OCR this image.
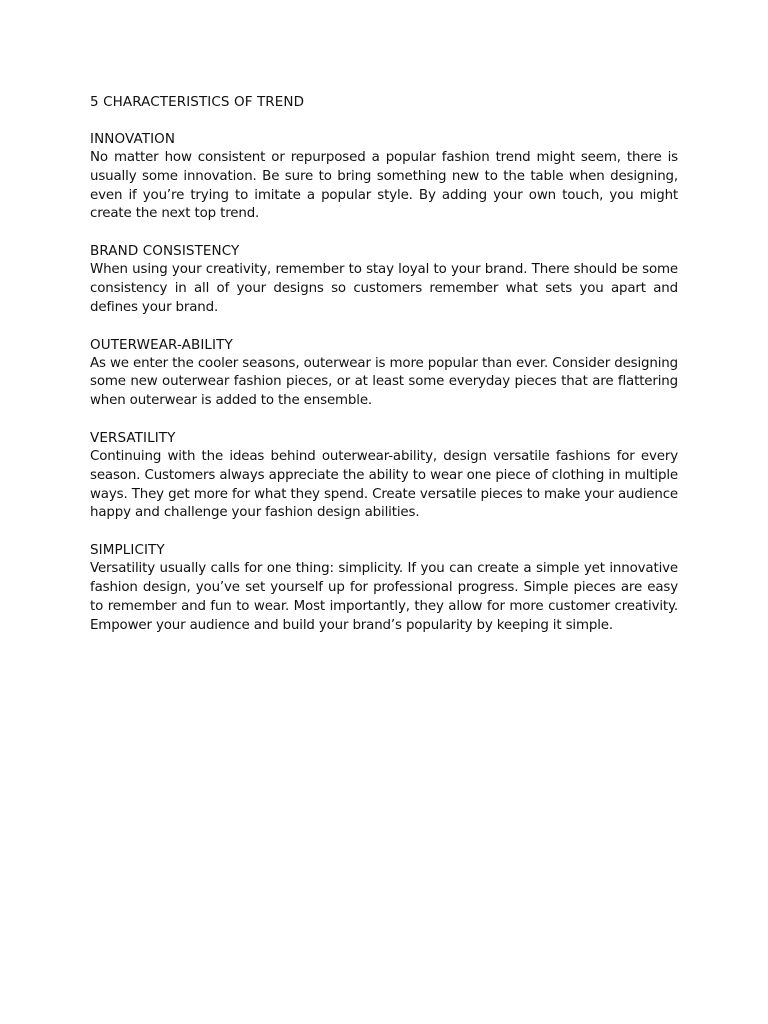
5 CHARACTERISTICS OF TREND
INNOVATION

No matter how consistent or repurposed a popular fashion trend might seem, there is usually some innovation. Be sure to bring something new to the table when designing, even if you’re trying to imitate a popular style. By adding your own touch, you might create the next top trend.

BRAND CONSISTENCY

When using your creativity, remember to stay loyal to your brand. There should be some consistency in all of your designs so customers remember what sets you apart and defines your brand.

OUTERWEAR-ABILITY

As we enter the cooler seasons, outerwear is more popular than ever. Consider designing some new outerwear fashion pieces, or at least some everyday pieces that are flattering when outerwear is added to the ensemble.

VERSATILITY

Continuing with the ideas behind outerwear-ability, design versatile fashions for every season. Customers always appreciate the ability to wear one piece of clothing in multiple ways. They get more for what they spend. Create versatile pieces to make your audience happy and challenge your fashion design abilities.

SIMPLICITY

Versatility usually calls for one thing: simplicity. If you can create a simple yet innovative fashion design, you’ve set yourself up for professional progress. Simple pieces are easy to remember and fun to wear. Most importantly, they allow for more customer creativity. Empower your audience and build your brand’s popularity by keeping it simple.
